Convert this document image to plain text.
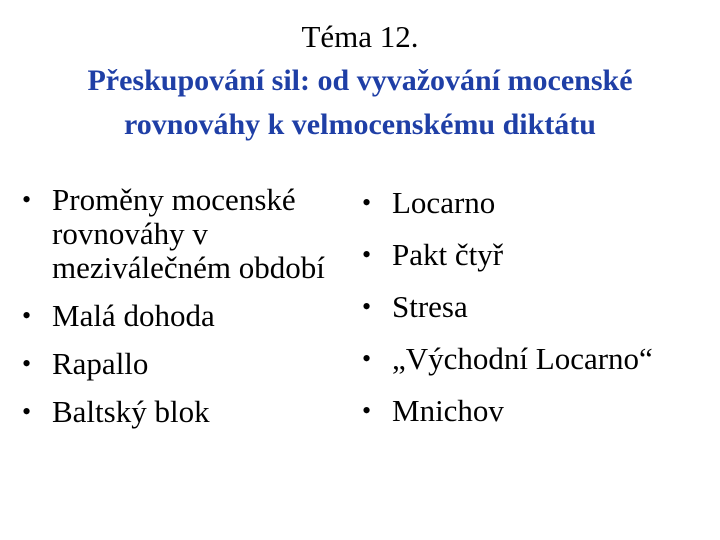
Téma 12.
Přeskupování sil: od vyvažování mocenské
rovnováhy k velmocenskému diktátu
• Proměny mocenské rovnováhy v meziválečném období
• Malá dohoda
• Rapallo
• Baltský blok
• Locarno
• Pakt čtyř
• Stresa
• „Východní Locarno“
• Mnichov
